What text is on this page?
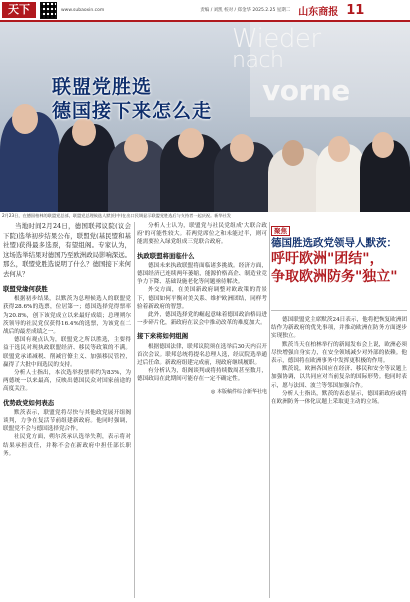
天下	www.subaoxin.com	责编 / 刘凯 校对 / 郑金华 2025.2.25 星期二 山东商报 11
Wieder
nach
vorne
联盟党胜选
德国接下来怎么走
2月23日，在德国柏林的联盟党总部，联盟党总理候选人默茨(中)在出口民调显示联盟党胜选后与支持者一起庆祝。新华社发

当地时间2月24日，德国联邦议院(议会下院)选举初步结果公布，联盟党(基民盟和基社盟)获得最多选票，有望组阁。专家认为，这场选举结果对德国乃至欧洲政局影响深远。那么，联盟党胜选说明了什么？德国接下来何去何从？

联盟党缘何获胜

根据初步结果，以默茨为总理候选人的联盟党获得28.6%的选票，位居第一；德国选择党得票率为20.8%，创下该党成立以来最好成绩；总理朔尔茨领导的社民党仅获得16.4%的选票，为该党在二战后的最差成绩之一。

德国有观点认为，联盟党之所以胜选，主要得益于选民对现执政联盟经济、移民等政策的不满。联盟党承诺减税、削减官僚主义、加强移民管控，赢得了大批中间选民的支持。

分析人士指出，本次选举投票率约为83%，为两德统一以来最高，反映出德国民众对国家前途的高度关注。

优势政党如何表态

默茨表示，联盟党将尽快与其他政党展开组阁谈判，力争在复活节前组建新政府。他同时强调，联盟党不会与德国选择党合作。

社民党方面，朔尔茨承认选举失利，表示将对结果承担责任，并称不会在新政府中担任部长职务。

分析人士认为，联盟党与社民党组成'大联合政府'的可能性较大。若两党席位之和未能过半，则可能需要拉入绿党组成三党联合政府。

执政联盟将面临什么

德国未来执政联盟将面临诸多挑战。经济方面，德国经济已连续两年萎缩，能源价格高企、制造业竞争力下降、基础设施老化等问题亟待解决。

外交方面，在美国新政府调整对欧政策的背景下，德国如何平衡对美关系、维护欧洲团结，同样考验着新政府的智慧。

此外，德国选择党的崛起意味着德国政治格局进一步碎片化，新政府在议会中推动改革的难度加大。

接下来将如何组阁

根据德国法律，联邦议院须在选举后30天内召开首次会议。联邦总统将提名总理人选，经议院选举通过后任命。新政府组建完成前，现政府继续履职。

有分析认为，组阁谈判或将持续数周甚至数月，德国政局在此期间可能存在一定不确定性。

◎ 本版稿件综合新华社电
聚焦
德国胜选政党领导人默茨：
呼吁欧洲"团结"，
争取欧洲防务"独立"

德国联盟党主席默茨24日表示，他将把恢复欧洲团结作为新政府的优先事项，并推动欧洲在防务方面逐步实现独立。

默茨当天在柏林举行的新闻发布会上说，欧洲必须尽快增强自身实力，在安全领域减少对外部的依赖。他表示，德国将在欧洲事务中发挥更积极的作用。

默茨说，欧洲各国应在经济、移民和安全等议题上加强协调，以共同应对当前复杂的国际形势。他同时表示，愿与法国、波兰等邻国加强合作。

分析人士指出，默茨的表态显示，德国新政府或将在欧洲防务一体化议题上采取更主动的立场。
